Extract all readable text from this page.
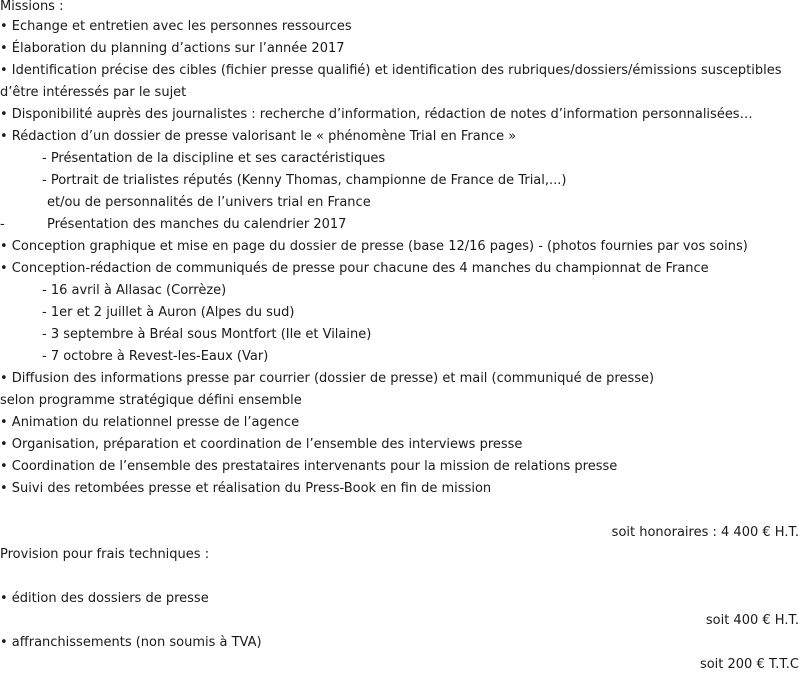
Missions :
• Echange et entretien avec les personnes ressources
• Élaboration du planning d’actions sur l’année 2017
• Identification précise des cibles (fichier presse qualifié) et identification des rubriques/dossiers/émissions susceptibles
d’être intéressés par le sujet
• Disponibilité auprès des journalistes : recherche d’information, rédaction de notes d’information personnalisées…
• Rédaction d’un dossier de presse valorisant le « phénomène Trial en France »
- Présentation de la discipline et ses caractéristiques
- Portrait de trialistes réputés (Kenny Thomas, championne de France de Trial,...)
et/ou de personnalités de l’univers trial en France
-	Présentation des manches du calendrier 2017
• Conception graphique et mise en page du dossier de presse (base 12/16 pages) - (photos fournies par vos soins)
• Conception-rédaction de communiqués de presse pour chacune des 4 manches du championnat de France
- 16 avril à Allasac (Corrèze)
- 1er et 2 juillet à Auron (Alpes du sud)
- 3 septembre à Bréal sous Montfort (Ile et Vilaine)
- 7 octobre à Revest-les-Eaux (Var)
• Diffusion des informations presse par courrier (dossier de presse) et mail (communiqué de presse)
selon programme stratégique défini ensemble
• Animation du relationnel presse de l’agence
• Organisation, préparation et coordination de l’ensemble des interviews presse
• Coordination de l’ensemble des prestataires intervenants pour la mission de relations presse
• Suivi des retombées presse et réalisation du Press-Book en fin de mission
soit honoraires : 4 400 € H.T.
Provision pour frais techniques :
• édition des dossiers de presse
soit 400 € H.T.
• affranchissements (non soumis à TVA)
soit 200 € T.T.C
